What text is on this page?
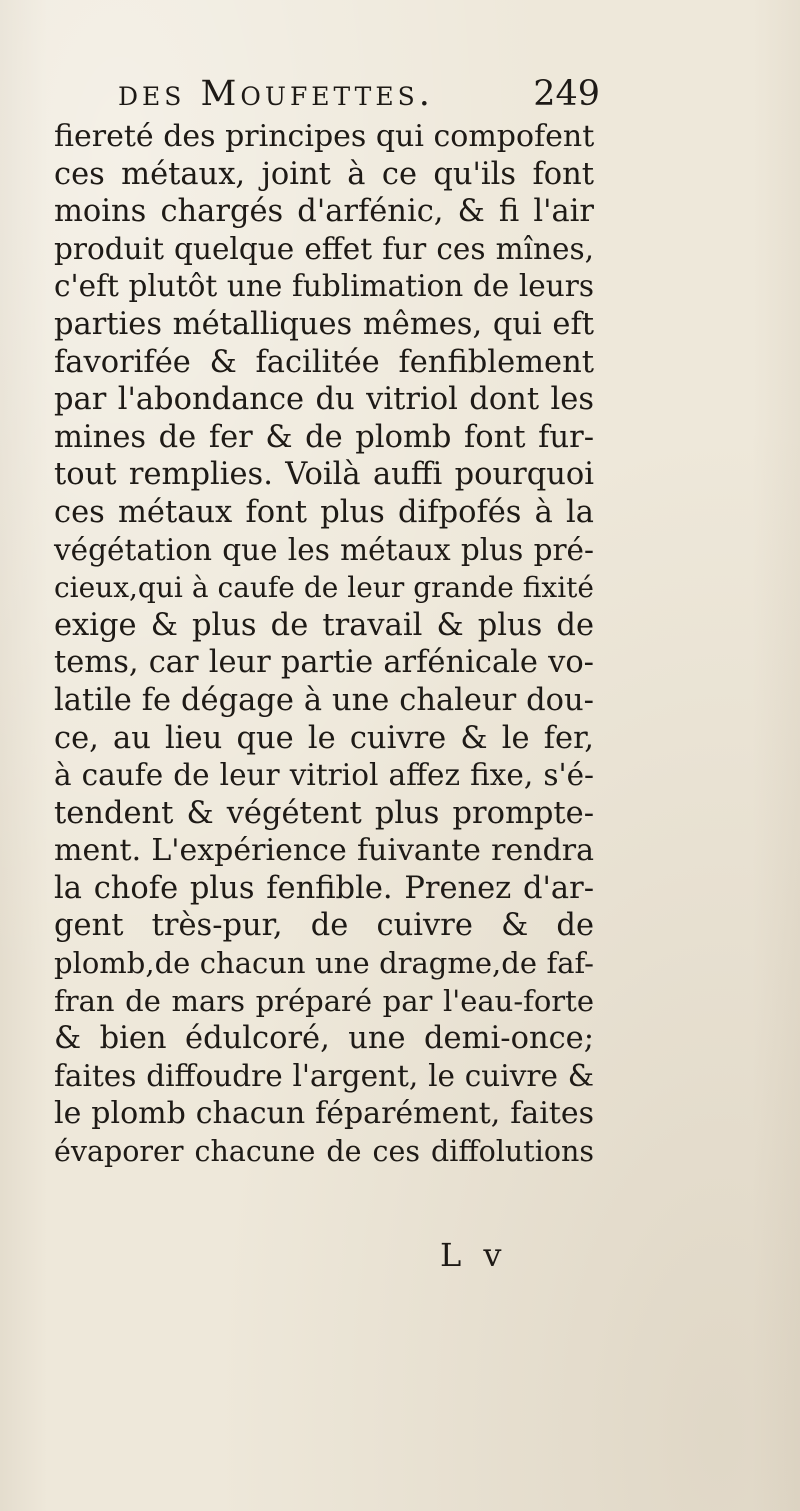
des Moufettes.	249
fiereté des principes qui compofent
ces métaux, joint à ce qu'ils font
moins chargés d'arfénic, & fi l'air
produit quelque effet fur ces mînes,
c'eft plutôt une fublimation de leurs
parties métalliques mêmes, qui eft
favorifée & facilitée fenfiblement
par l'abondance du vitriol dont les
mines de fer & de plomb font fur-
tout remplies. Voilà auffi pourquoi
ces métaux font plus difpofés à la
végétation que les métaux plus pré-
cieux,qui à caufe de leur grande fixité
exige & plus de travail & plus de
tems, car leur partie arfénicale vo-
latile fe dégage à une chaleur dou-
ce, au lieu que le cuivre & le fer,
à caufe de leur vitriol affez fixe, s'é-
tendent & végétent plus prompte-
ment. L'expérience fuivante rendra
la chofe plus fenfible. Prenez d'ar-
gent très-pur, de cuivre & de
plomb,de chacun une dragme,de faf-
fran de mars préparé par l'eau-forte
& bien édulcoré, une demi-once;
faites diffoudre l'argent, le cuivre &
le plomb chacun féparément, faites
évaporer chacune de ces diffolutions
L v
